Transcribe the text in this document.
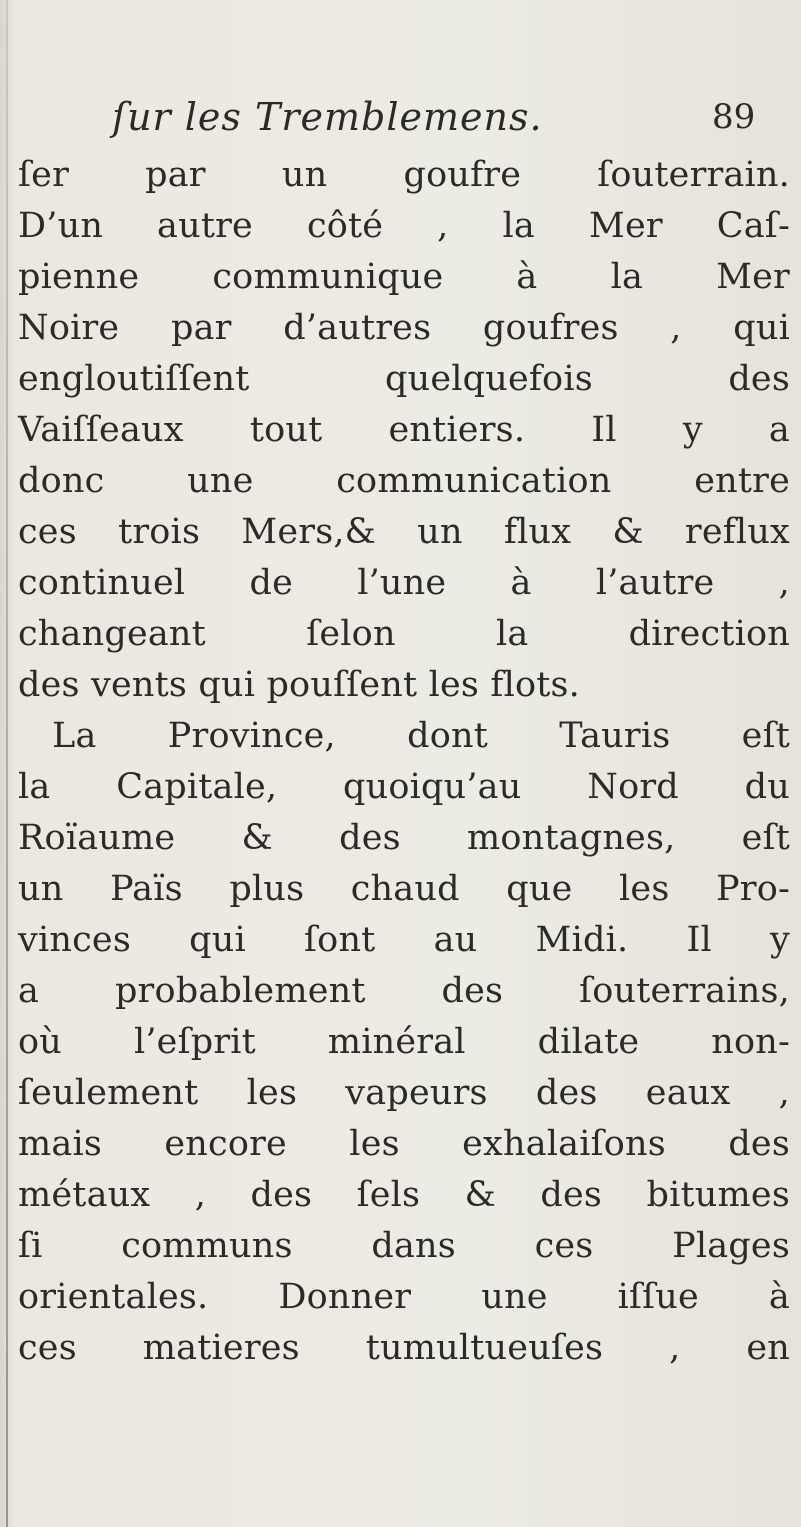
ſur les Tremblemens.	89
ſer par un goufre ſouterrain.
D’un autre côté , la Mer Caſ-
pienne communique à la Mer
Noire par d’autres goufres , qui
engloutiſſent quelquefois des
Vaiſſeaux tout entiers. Il y a
donc une communication entre
ces trois Mers,& un flux & reflux
continuel de l’une à l’autre ,
changeant ſelon la direction
des vents qui pouſſent les flots.
La Province, dont Tauris eſt
la Capitale, quoiqu’au Nord du
Roïaume & des montagnes, eſt
un Païs plus chaud que les Pro-
vinces qui ſont au Midi. Il y
a probablement des ſouterrains,
où l’eſprit minéral dilate non-
ſeulement les vapeurs des eaux ,
mais encore les exhalaiſons des
métaux , des ſels & des bitumes
ſi communs dans ces Plages
orientales. Donner une iſſue à
ces matieres tumultueuſes , en
